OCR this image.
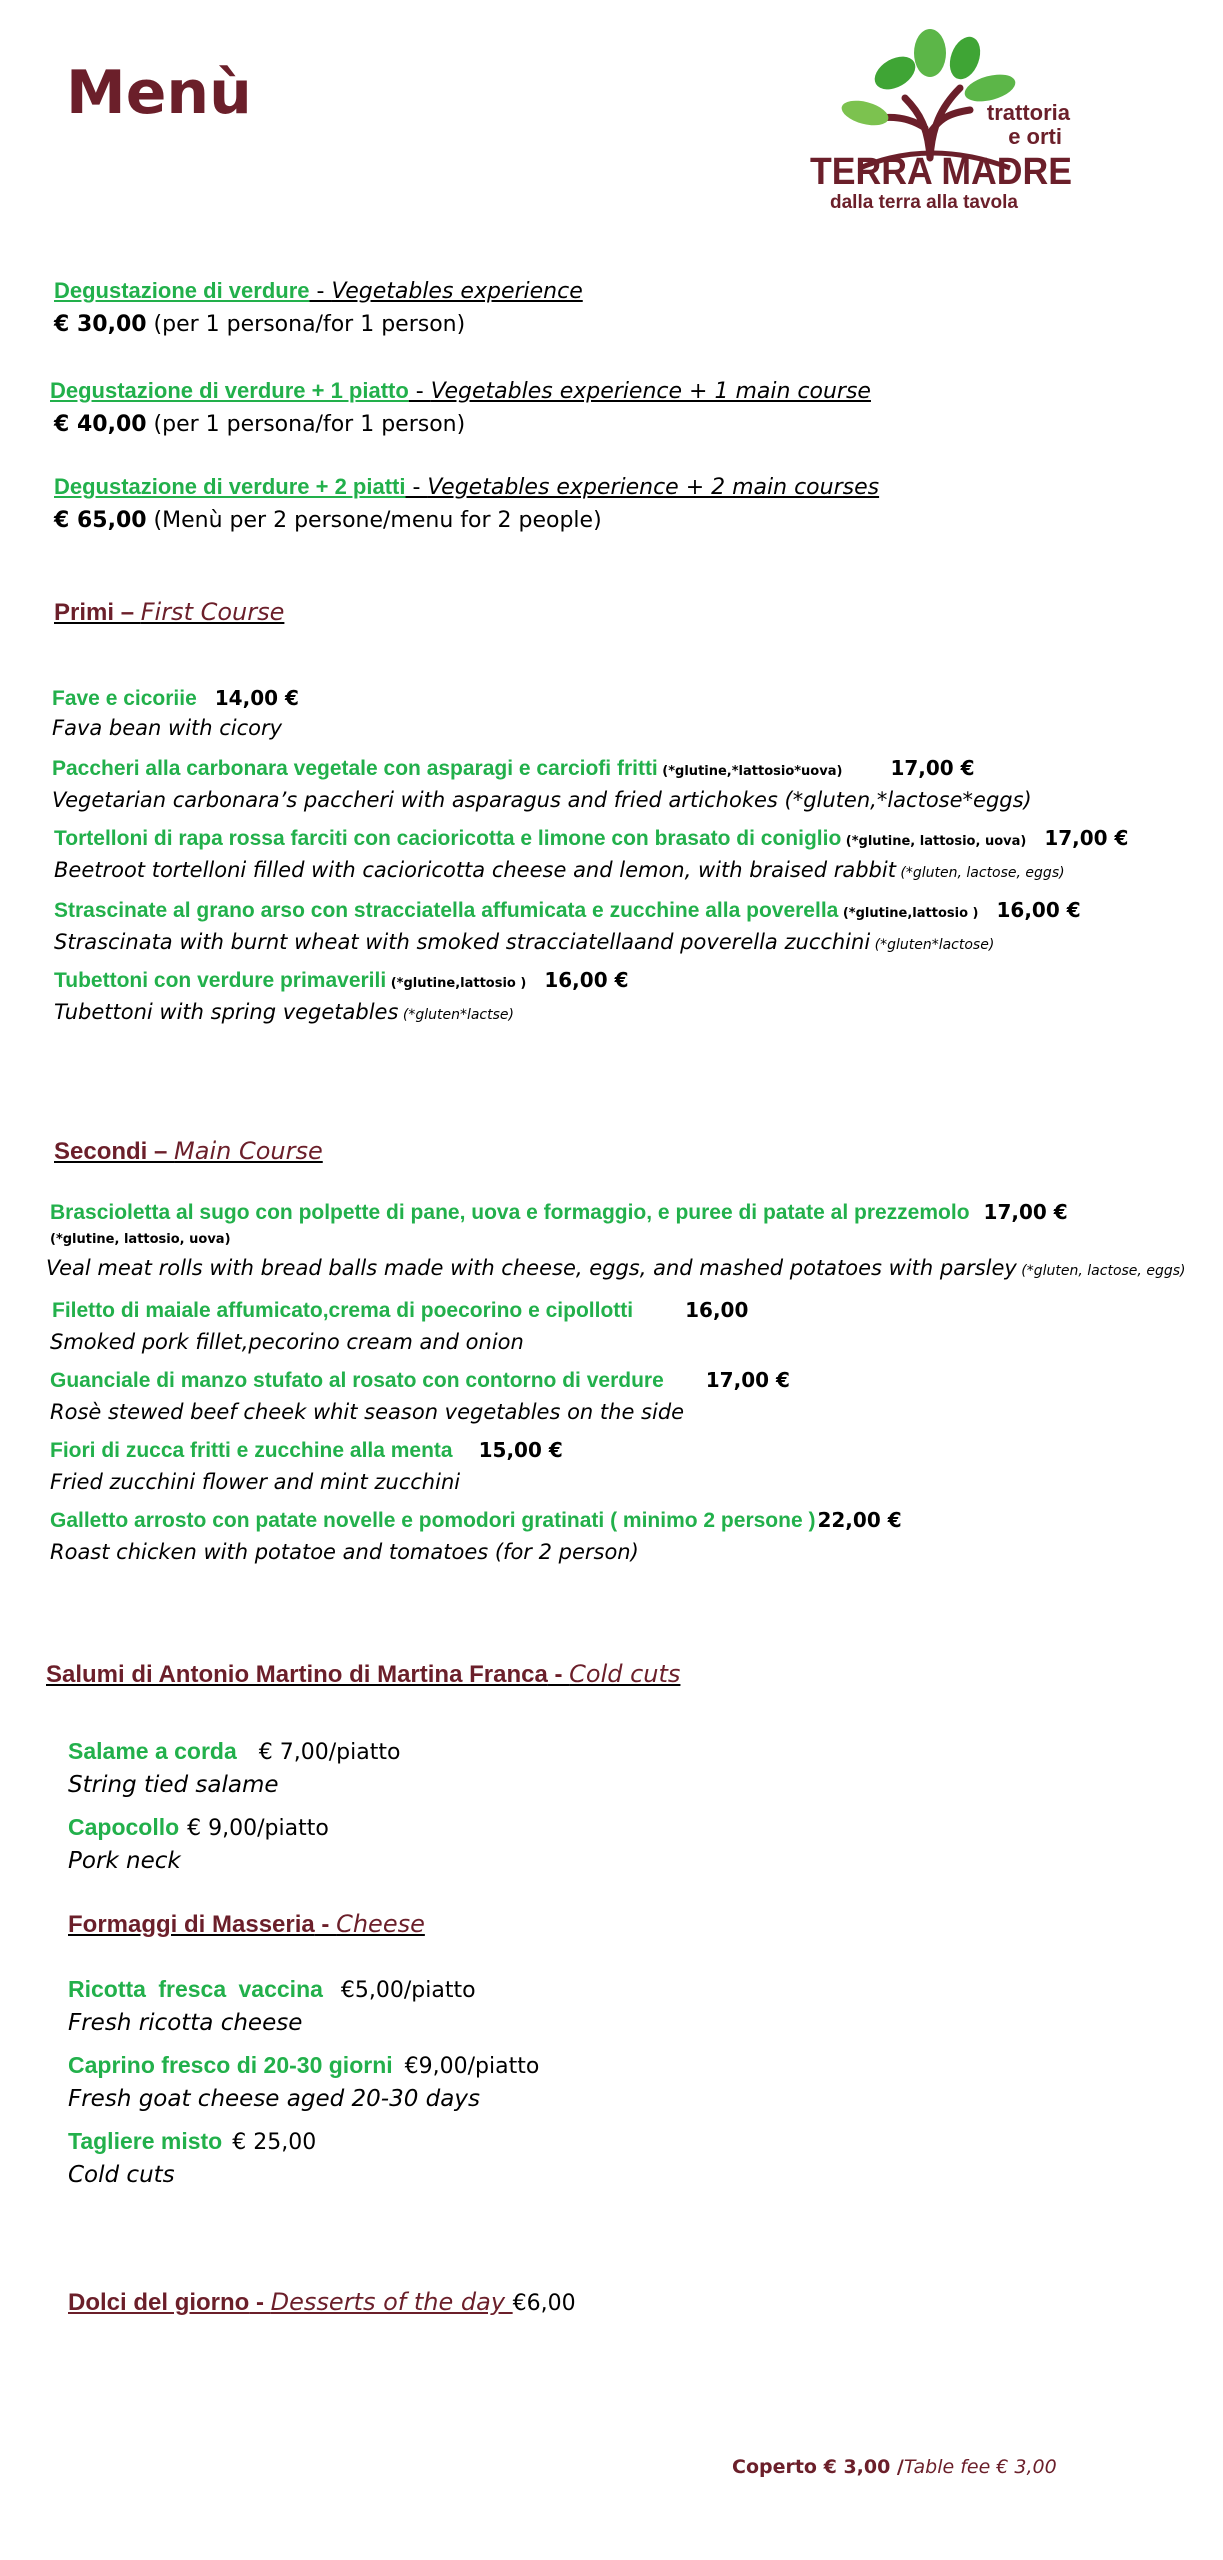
Menù	trattoria
e orti
TERRA MADRE
dalla terra alla tavola
Degustazione di verdure - Vegetables experience
€ 30,00 (per 1 persona/for 1 person)
Degustazione di verdure + 1 piatto - Vegetables experience + 1 main course
€ 40,00 (per 1 persona/for 1 person)
Degustazione di verdure + 2 piatti - Vegetables experience + 2 main courses
€ 65,00 (Menù per 2 persone/menu for 2 people)
Primi – First Course
Fave e cicoriie 14,00 €
Fava bean with cicory
Paccheri alla carbonara vegetale con asparagi e carciofi fritti (*glutine,*lattosio*uova) 17,00 €
Vegetarian carbonara’s paccheri with asparagus and fried artichokes (*gluten,*lactose*eggs)
Tortelloni di rapa rossa farciti con cacioricotta e limone con brasato di coniglio (*glutine, lattosio, uova) 17,00 €
Beetroot tortelloni filled with cacioricotta cheese and lemon, with braised rabbit (*gluten, lactose, eggs)
Strascinate al grano arso con stracciatella affumicata e zucchine alla poverella (*glutine,lattosio ) 16,00 €
Strascinata with burnt wheat with smoked stracciatellaand poverella zucchini (*gluten*lactose)
Tubettoni con verdure primaverili (*glutine,lattosio ) 16,00 €
Tubettoni with spring vegetables (*gluten*lactse)
Secondi – Main Course
Brascioletta al sugo con polpette di pane, uova e formaggio, e puree di patate al prezzemolo 17,00 €
(*glutine, lattosio, uova)
Veal meat rolls with bread balls made with cheese, eggs, and mashed potatoes with parsley (*gluten, lactose, eggs)
Filetto di maiale affumicato,crema di poecorino e cipollotti	16,00
Smoked pork fillet,pecorino cream and onion
Guanciale di manzo stufato al rosato con contorno di verdure 17,00 €
Rosè stewed beef cheek whit season vegetables on the side
Fiori di zucca fritti e zucchine alla menta 15,00 €
Fried zucchini flower and mint zucchini
Galletto arrosto con patate novelle e pomodori gratinati ( minimo 2 persone ) 22,00 €
Roast chicken with potatoe and tomatoes (for 2 person)
Salumi di Antonio Martino di Martina Franca - Cold cuts
Salame a corda € 7,00/piatto
String tied salame
Capocollo € 9,00/piatto
Pork neck
Formaggi di Masseria - Cheese
Ricotta fresca vaccina €5,00/piatto
Fresh ricotta cheese
Caprino fresco di 20-30 giorni €9,00/piatto
Fresh goat cheese aged 20-30 days
Tagliere misto € 25,00
Cold cuts
Dolci del giorno - Desserts of the day €6,00
Coperto € 3,00 /Table fee € 3,00
